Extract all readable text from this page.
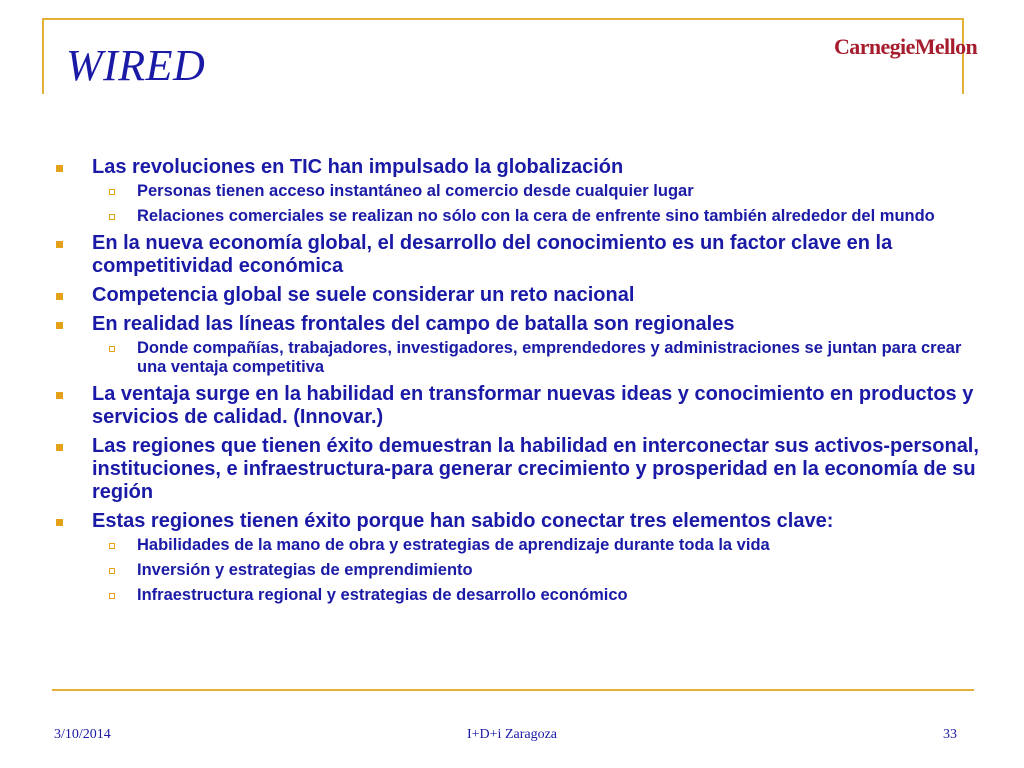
WIRED	CarnegieMellon
Las revoluciones en TIC han impulsado la globalización
Personas tienen acceso instantáneo al comercio desde cualquier lugar
Relaciones comerciales se realizan no sólo con la cera de enfrente sino también alrededor del mundo
En la nueva economía global, el desarrollo del conocimiento es un factor clave en la competitividad económica
Competencia global se suele considerar un reto nacional
En realidad las líneas frontales del campo de batalla son regionales
Donde compañías, trabajadores, investigadores, emprendedores y administraciones se juntan para crear una ventaja competitiva
La ventaja surge en la habilidad en transformar nuevas ideas y conocimiento en productos y servicios de calidad. (Innovar.)
Las regiones que tienen éxito demuestran la habilidad en interconectar sus activos-personal, instituciones, e infraestructura-para generar crecimiento y prosperidad en la economía de su región
Estas regiones tienen éxito porque han sabido conectar tres elementos clave:
Habilidades de la mano de obra y estrategias de aprendizaje durante toda la vida
Inversión y estrategias de emprendimiento
Infraestructura regional y estrategias de desarrollo económico
3/10/2014	I+D+i Zaragoza	33
